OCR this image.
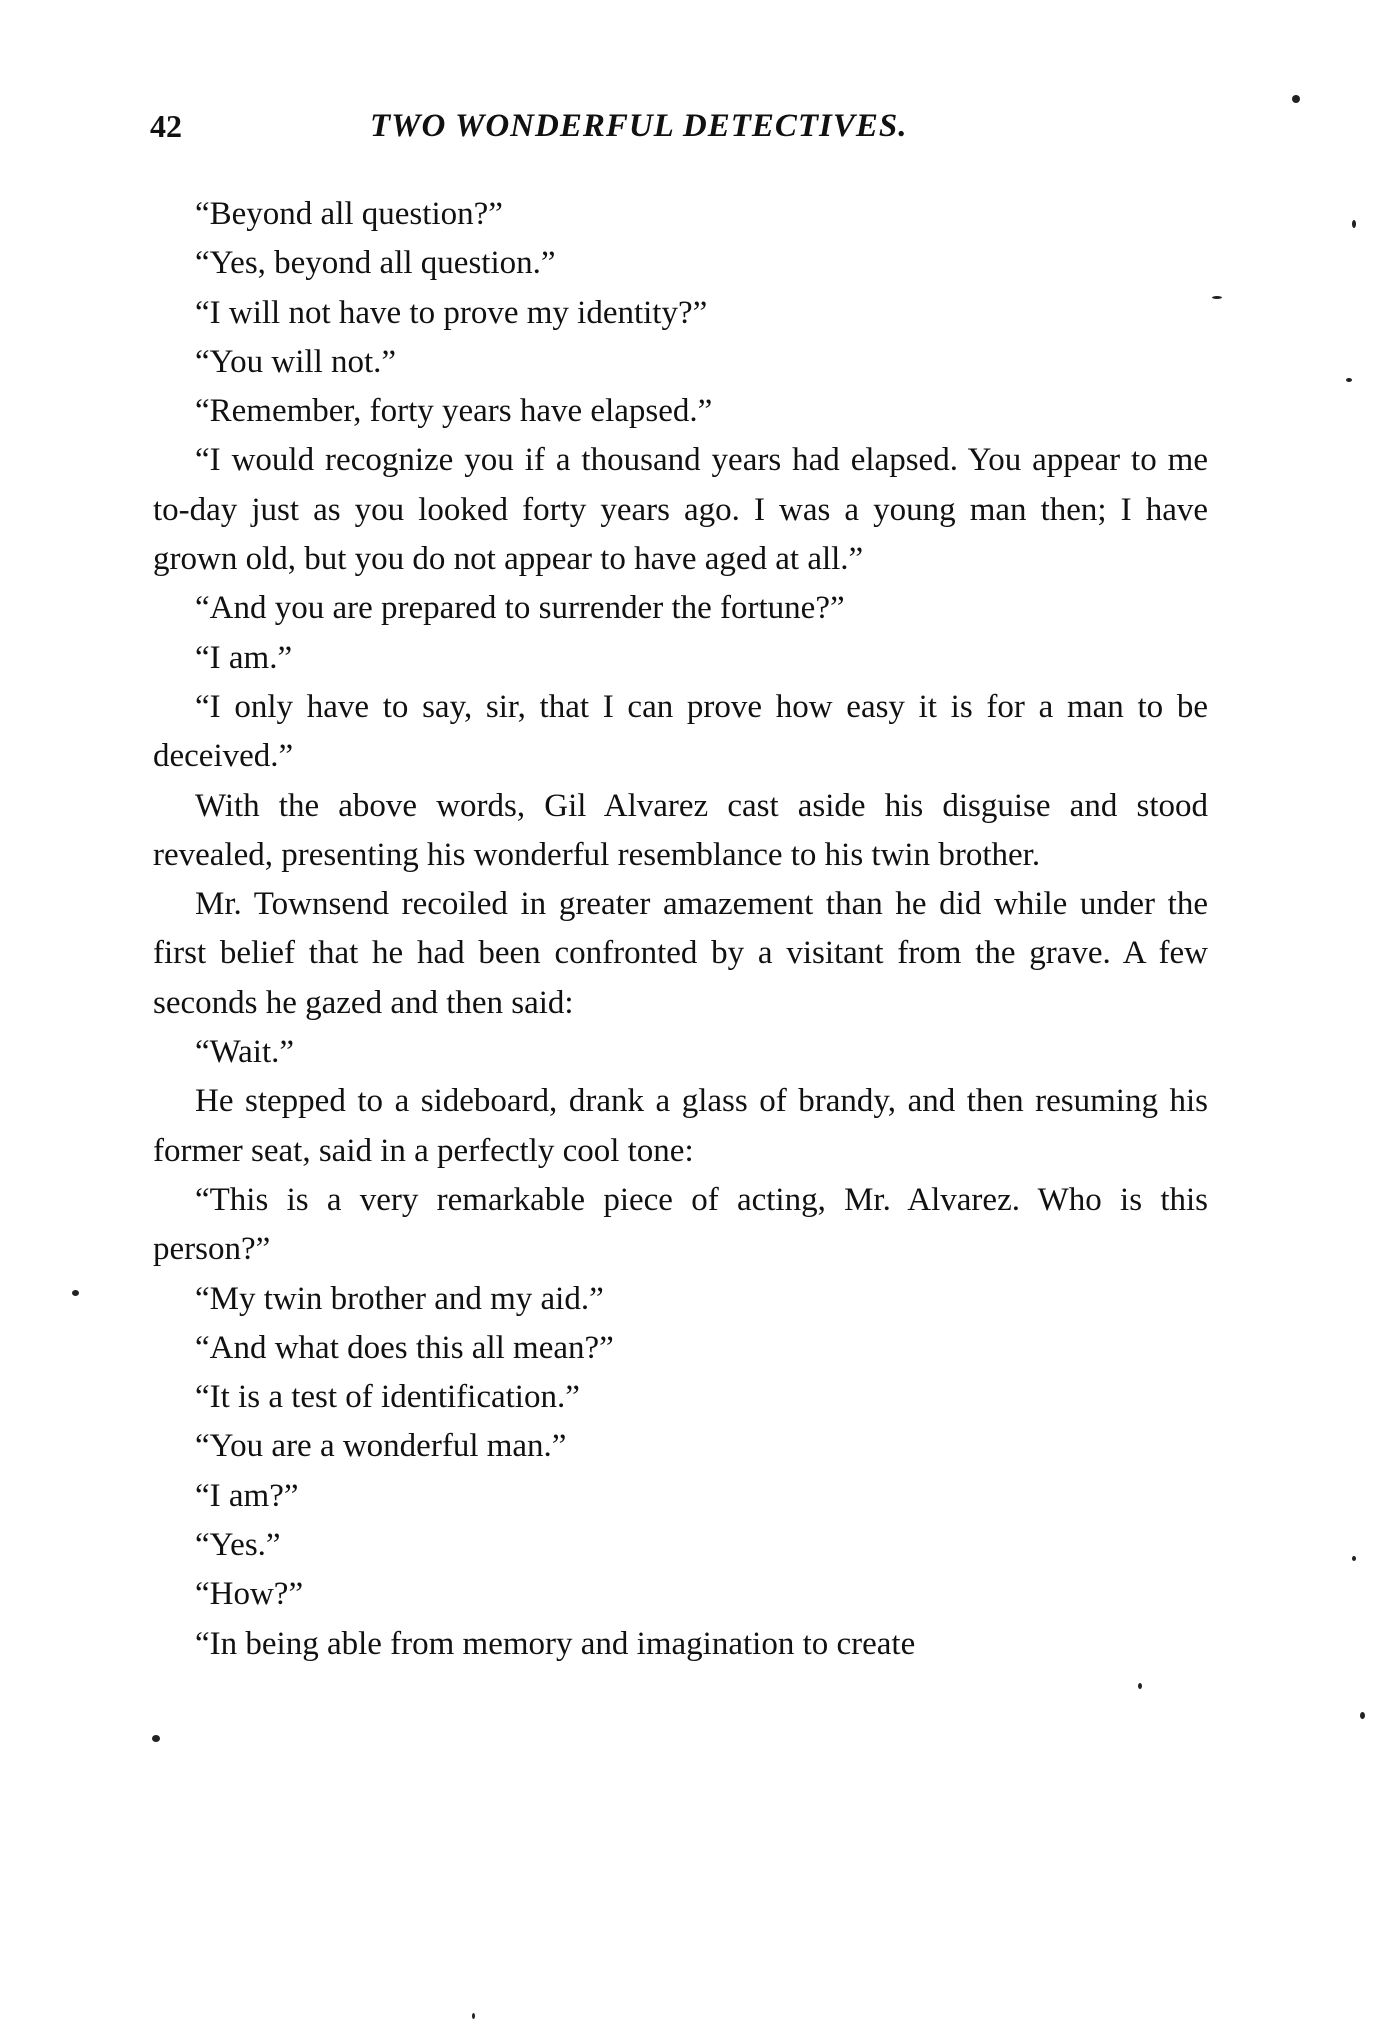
42	TWO WONDERFUL DETECTIVES.

“Beyond all question?”

“Yes, beyond all question.”

“I will not have to prove my identity?”

“You will not.”

“Remember, forty years have elapsed.”

“I would recognize you if a thousand years had elapsed. You appear to me to-day just as you looked forty years ago. I was a young man then; I have grown old, but you do not appear to have aged at all.”

“And you are prepared to surrender the fortune?”

“I am.”

“I only have to say, sir, that I can prove how easy it is for a man to be deceived.”

With the above words, Gil Alvarez cast aside his disguise and stood revealed, presenting his wonderful resemblance to his twin brother.

Mr. Townsend recoiled in greater amazement than he did while under the first belief that he had been confronted by a visitant from the grave. A few seconds he gazed and then said:

“Wait.”

He stepped to a sideboard, drank a glass of brandy, and then resuming his former seat, said in a perfectly cool tone:

“This is a very remarkable piece of acting, Mr. Alvarez. Who is this person?”

“My twin brother and my aid.”

“And what does this all mean?”

“It is a test of identification.”

“You are a wonderful man.”

“I am?”

“Yes.”

“How?”

“In being able from memory and imagination to create
